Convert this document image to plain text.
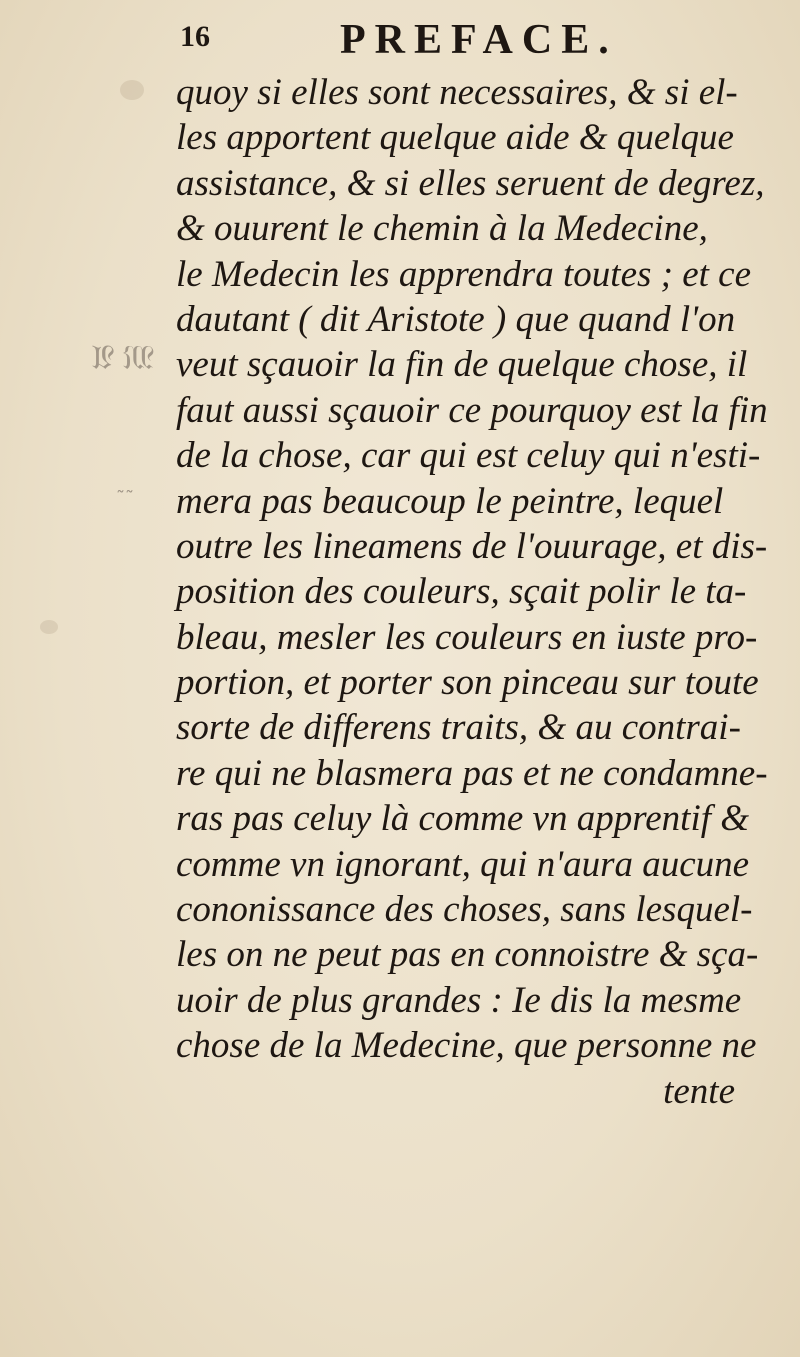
𝔐 𝔄
˜˜
16	PREFACE.
quoy si elles sont necessaires, & si el-
les apportent quelque aide & quelque
assistance, & si elles seruent de degrez,
& ouurent le chemin à la Medecine,
le Medecin les apprendra toutes ; et ce
dautant ( dit Aristote ) que quand l'on
veut sçauoir la fin de quelque chose, il
faut aussi sçauoir ce pourquoy est la fin
de la chose, car qui est celuy qui n'esti-
mera pas beaucoup le peintre, lequel
outre les lineamens de l'ouurage, et dis-
position des couleurs, sçait polir le ta-
bleau, mesler les couleurs en iuste pro-
portion, et porter son pinceau sur toute
sorte de differens traits, & au contrai-
re qui ne blasmera pas et ne condamne-
ras pas celuy là comme vn apprentif &
comme vn ignorant, qui n'aura aucune
cononissance des choses, sans lesquel-
les on ne peut pas en connoistre & sça-
uoir de plus grandes : Ie dis la mesme
chose de la Medecine, que personne ne
tente
